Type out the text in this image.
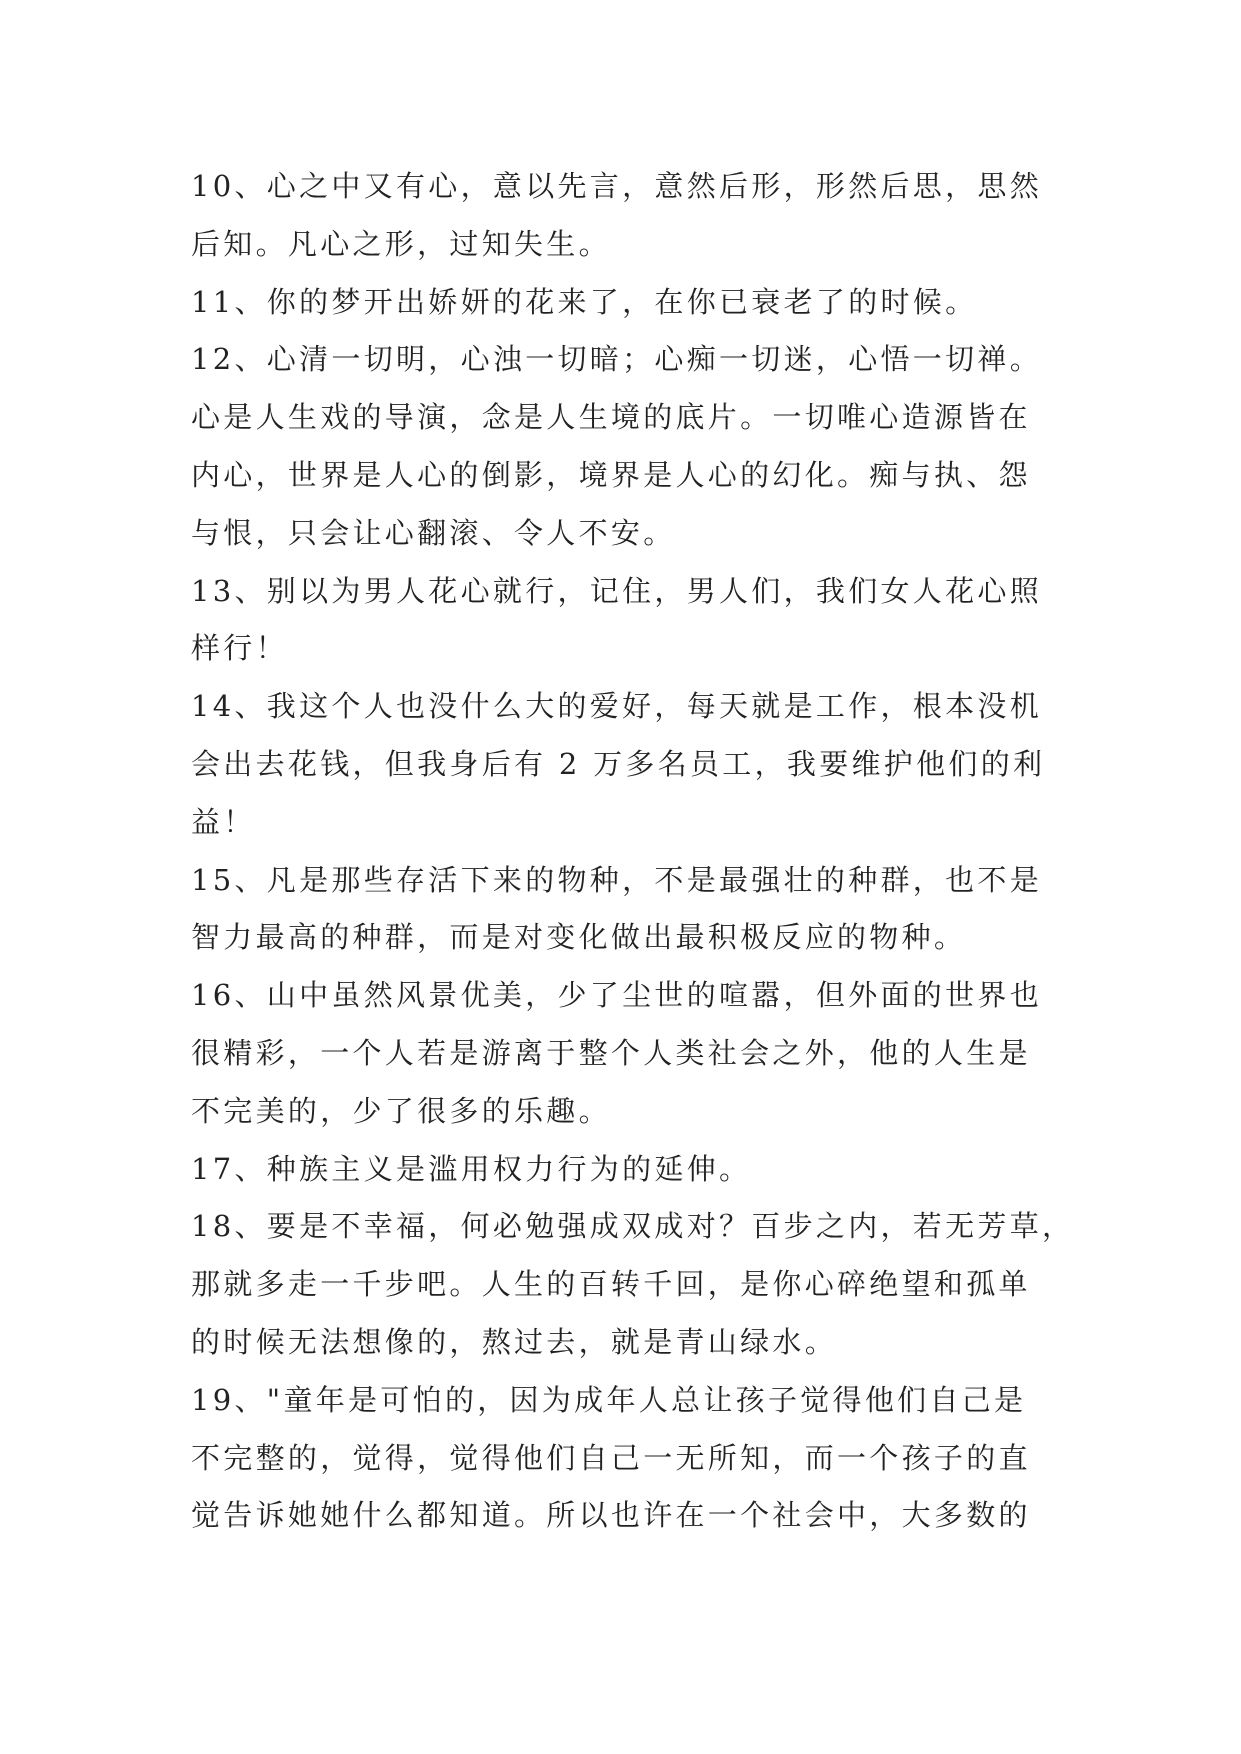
10、心之中又有心，意以先言，意然后形，形然后思，思然
后知。凡心之形，过知失生。
11、你的梦开出娇妍的花来了，在你已衰老了的时候。
12、心清一切明，心浊一切暗；心痴一切迷，心悟一切禅。
心是人生戏的导演，念是人生境的底片。一切唯心造源皆在
内心，世界是人心的倒影，境界是人心的幻化。痴与执、怨
与恨，只会让心翻滚、令人不安。
13、别以为男人花心就行，记住，男人们，我们女人花心照
样行！
14、我这个人也没什么大的爱好，每天就是工作，根本没机
会出去花钱，但我身后有 2 万多名员工，我要维护他们的利
益！
15、凡是那些存活下来的物种，不是最强壮的种群，也不是
智力最高的种群，而是对变化做出最积极反应的物种。
16、山中虽然风景优美，少了尘世的喧嚣，但外面的世界也
很精彩，一个人若是游离于整个人类社会之外，他的人生是
不完美的，少了很多的乐趣。
17、种族主义是滥用权力行为的延伸。
18、要是不幸福，何必勉强成双成对？百步之内，若无芳草，
那就多走一千步吧。人生的百转千回，是你心碎绝望和孤单
的时候无法想像的，熬过去，就是青山绿水。
19、"童年是可怕的，因为成年人总让孩子觉得他们自己是
不完整的，觉得，觉得他们自己一无所知，而一个孩子的直
觉告诉她她什么都知道。所以也许在一个社会中，大多数的
